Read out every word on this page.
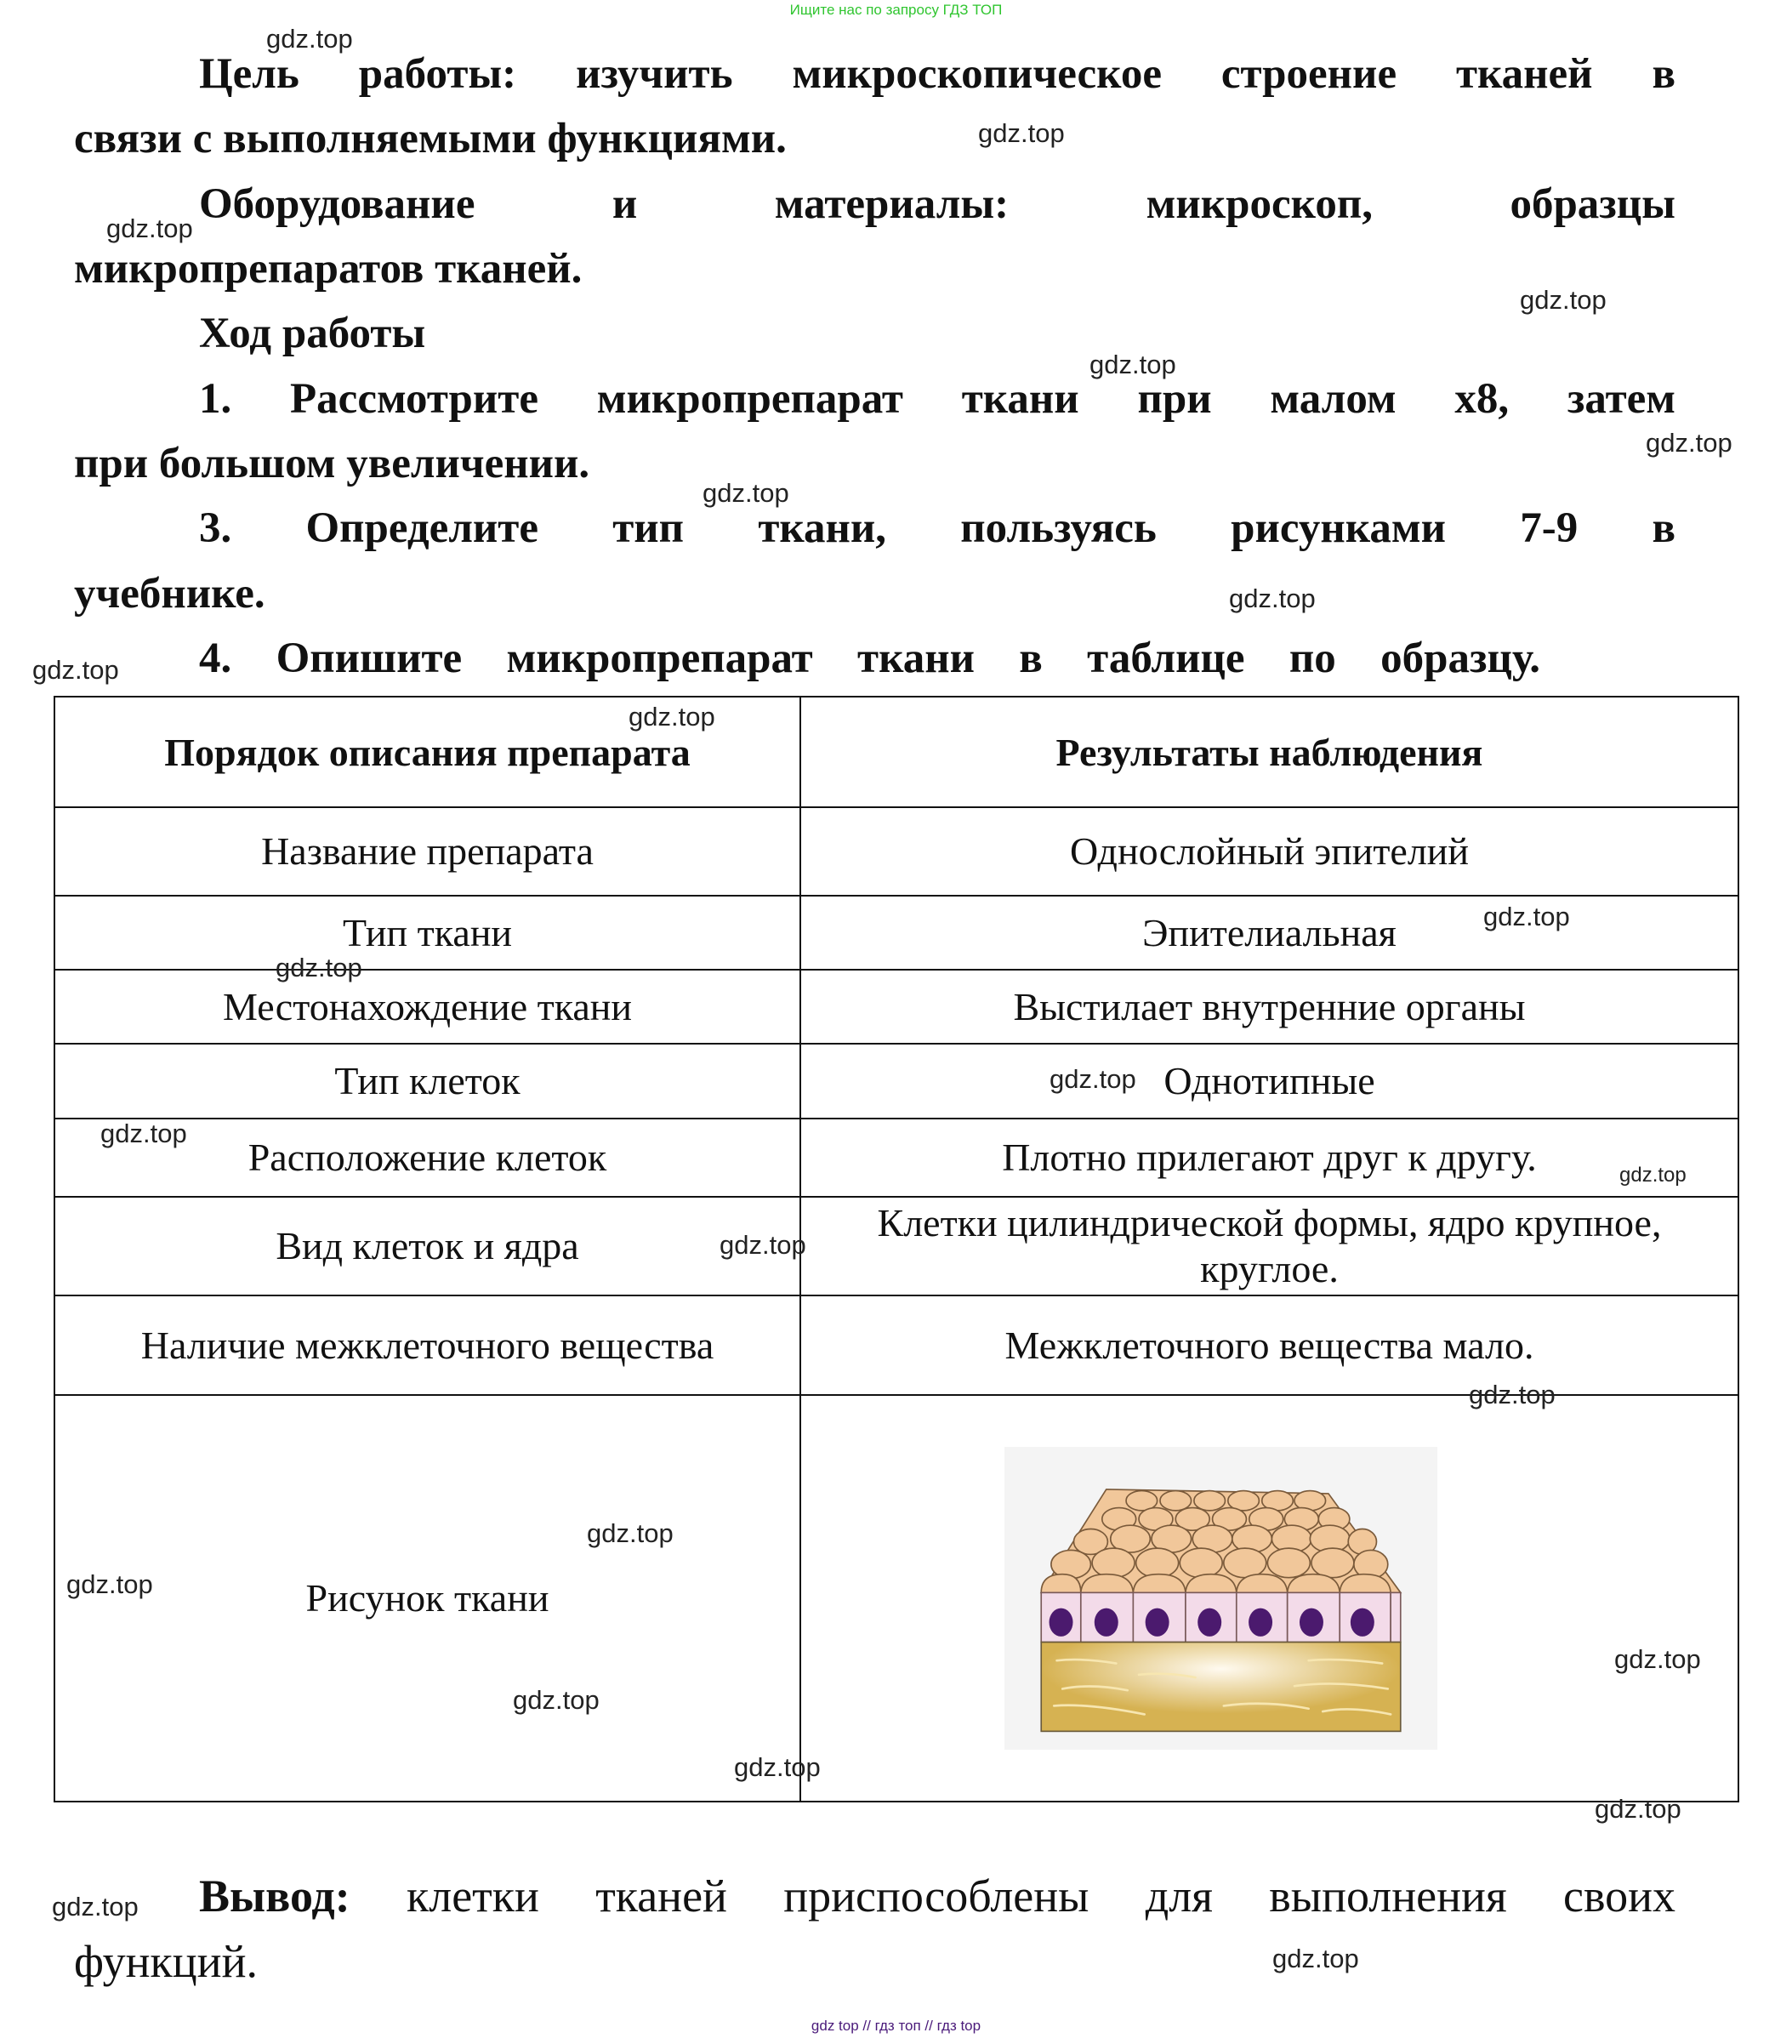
Ищите нас по запросу ГДЗ ТОП
Цель работы: изучить микроскопическое строение тканей в
связи с выполняемыми функциями.
Оборудование и материалы: микроскоп, образцы
микропрепаратов тканей.
Ход работы
1. Рассмотрите микропрепарат ткани при малом х8, затем
при большом увеличении.
3. Определите тип ткани, пользуясь рисунками 7-9 в
учебнике.
4. Опишите микропрепарат ткани в таблице по образцу.
Порядок описания препарата	Результаты наблюдения
Название препарата	Однослойный эпителий
Тип ткани	Эпителиальная
Местонахождение ткани	Выстилает внутренние органы
Тип клеток	Однотипные
Расположение клеток	Плотно прилегают друг к другу.
Вид клеток и ядра	Клетки цилиндрической формы, ядро крупное, круглое.
Наличие межклеточного вещества	Межклеточного вещества мало.
Рисунок ткани	
Вывод: клетки тканей приспособлены для выполнения своих
функций.
gdz.top
gdz.top
gdz.top
gdz.top
gdz.top
gdz.top
gdz.top
gdz.top
gdz.top
gdz.top
gdz.top
gdz.top
gdz.top
gdz.top
gdz.top
gdz.top
gdz.top
gdz.top
gdz.top
gdz.top
gdz.top
gdz.top
gdz.top
gdz.top
gdz.top
gdz top // гдз топ // гдз top
